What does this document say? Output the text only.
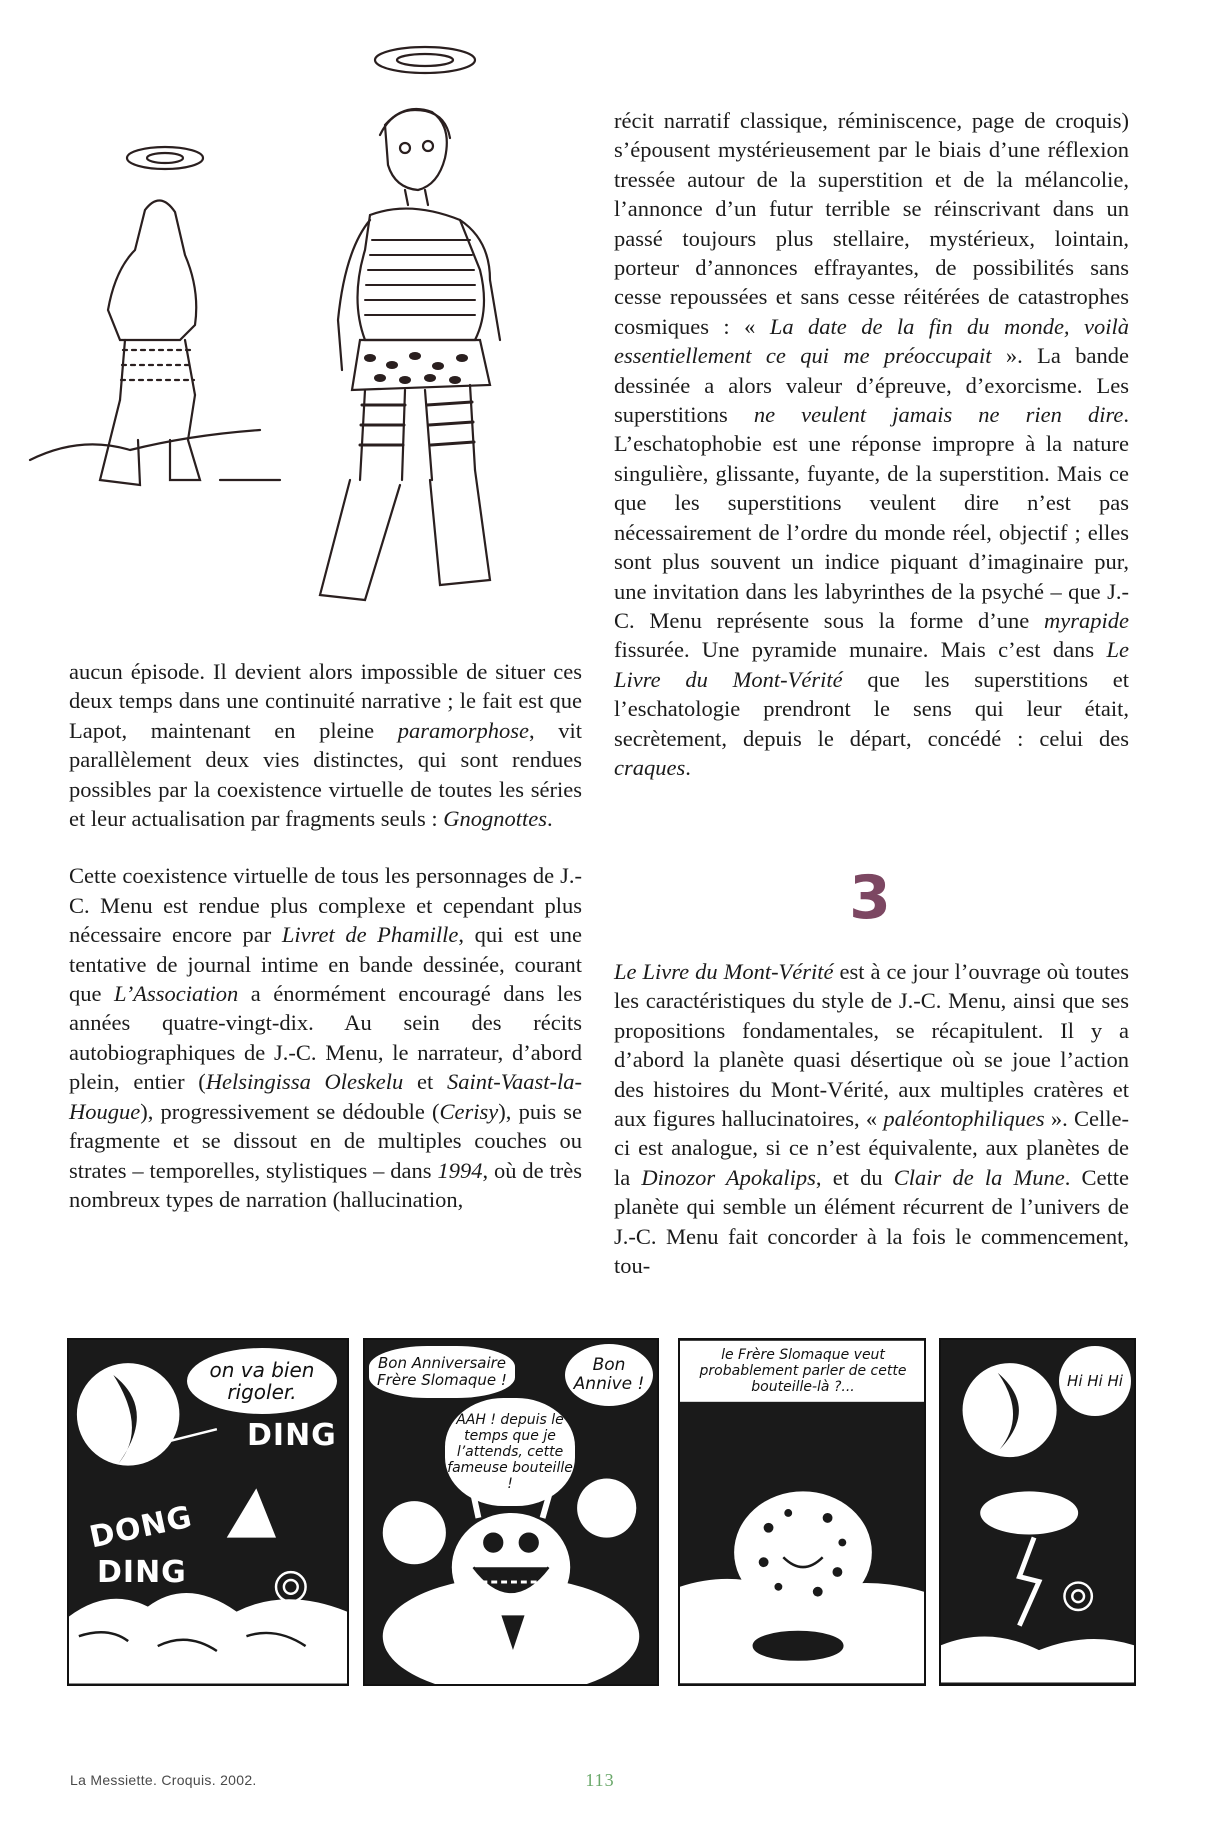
aucun épisode. Il devient alors impossible de situer ces deux temps dans une continuité narrative ; le fait est que Lapot, maintenant en pleine paramorphose, vit parallèlement deux vies distinctes, qui sont rendues possibles par la coexistence virtuelle de toutes les séries et leur actualisation par fragments seuls : Gnognottes.

Cette coexistence virtuelle de tous les personnages de J.-C. Menu est rendue plus complexe et cependant plus nécessaire encore par Livret de Phamille, qui est une tentative de journal intime en bande dessinée, courant que L’Association a énormément encouragé dans les années quatre-vingt-dix. Au sein des récits autobiographiques de J.-C. Menu, le narrateur, d’abord plein, entier (Helsingissa Oleskelu et Saint-Vaast-la-Hougue), progressivement se dédouble (Cerisy), puis se fragmente et se dissout en de multiples couches ou strates – temporelles, stylistiques – dans 1994, où de très nombreux types de narration (hallucination,

récit narratif classique, réminiscence, page de croquis) s’épousent mystérieusement par le biais d’une réflexion tressée autour de la superstition et de la mélancolie, l’annonce d’un futur terrible se réinscrivant dans un passé toujours plus stellaire, mystérieux, lointain, porteur d’annonces effrayantes, de possibilités sans cesse repoussées et sans cesse réitérées de catastrophes cosmiques : « La date de la fin du monde, voilà essentiellement ce qui me préoccupait ». La bande dessinée a alors valeur d’épreuve, d’exorcisme. Les superstitions ne veulent jamais ne rien dire. L’eschatophobie est une réponse impropre à la nature singulière, glissante, fuyante, de la superstition. Mais ce que les superstitions veulent dire n’est pas nécessairement de l’ordre du monde réel, objectif ; elles sont plus souvent un indice piquant d’imaginaire pur, une invitation dans les labyrinthes de la psyché – que J.-C. Menu représente sous la forme d’une myrapide fissurée. Une pyramide munaire. Mais c’est dans Le Livre du Mont-Vérité que les superstitions et l’eschatologie prendront le sens qui leur était, secrètement, depuis le départ, concédé : celui des craques.

3

Le Livre du Mont-Vérité est à ce jour l’ouvrage où toutes les caractéristiques du style de J.-C. Menu, ainsi que ses propositions fondamentales, se récapitulent. Il y a d’abord la planète quasi désertique où se joue l’action des histoires du Mont-Vérité, aux multiples cratères et aux figures hallucinatoires, « paléontophiliques ». Celle-ci est analogue, si ce n’est équivalente, aux planètes de la Dinozor Apokalips, et du Clair de la Mune. Cette planète qui semble un élément récurrent de l’univers de J.-C. Menu fait concorder à la fois le commencement, tou-

on va bien rigoler.
DING
DONG
DING
Bon Anniversaire Frère Slomaque !
Bon Annive !
AAH ! depuis le temps que je l’attends, cette fameuse bouteille !
le Frère Slomaque veut probablement parler de cette bouteille-là ?...	Hi Hi Hi
La Messiette. Croquis. 2002.	113
